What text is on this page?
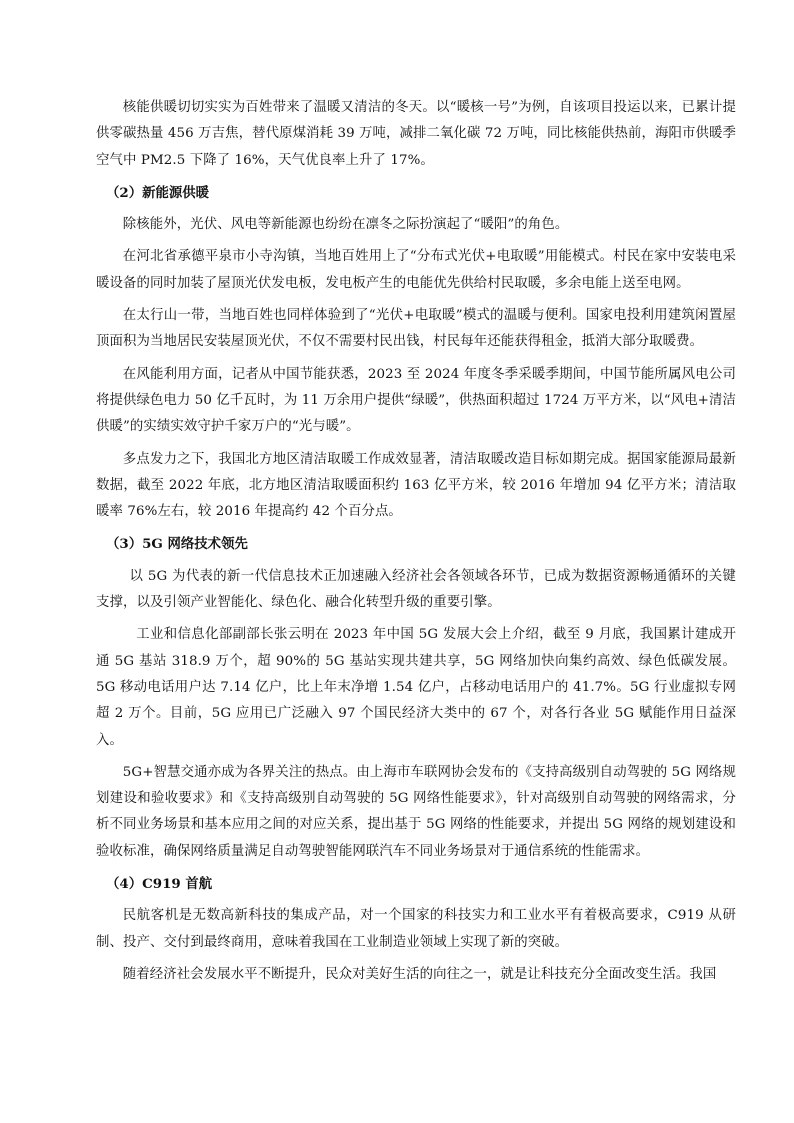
核能供暖切切实实为百姓带来了温暖又清洁的冬天。以“暖核一号”为例，自该项目投运以来，已累计提供零碳热量 456 万吉焦，替代原煤消耗 39 万吨，减排二氧化碳 72 万吨，同比核能供热前，海阳市供暖季空气中 PM2.5 下降了 16%，天气优良率上升了 17%。

（2）新能源供暖

除核能外，光伏、风电等新能源也纷纷在凛冬之际扮演起了“暖阳”的角色。

在河北省承德平泉市小寺沟镇，当地百姓用上了“分布式光伏+电取暖”用能模式。村民在家中安装电采暖设备的同时加装了屋顶光伏发电板，发电板产生的电能优先供给村民取暖，多余电能上送至电网。

在太行山一带，当地百姓也同样体验到了“光伏+电取暖”模式的温暖与便利。国家电投利用建筑闲置屋顶面积为当地居民安装屋顶光伏，不仅不需要村民出钱，村民每年还能获得租金，抵消大部分取暖费。

在风能利用方面，记者从中国节能获悉，2023 至 2024 年度冬季采暖季期间，中国节能所属风电公司将提供绿色电力 50 亿千瓦时，为 11 万余用户提供“绿暖”，供热面积超过 1724 万平方米，以“风电+清洁供暖”的实绩实效守护千家万户的“光与暖”。

多点发力之下，我国北方地区清洁取暖工作成效显著，清洁取暖改造目标如期完成。据国家能源局最新数据，截至 2022 年底，北方地区清洁取暖面积约 163 亿平方米，较 2016 年增加 94 亿平方米；清洁取暖率 76%左右，较 2016 年提高约 42 个百分点。

（3）5G 网络技术领先

以 5G 为代表的新一代信息技术正加速融入经济社会各领域各环节，已成为数据资源畅通循环的关键支撑，以及引领产业智能化、绿色化、融合化转型升级的重要引擎。

工业和信息化部副部长张云明在 2023 年中国 5G 发展大会上介绍，截至 9 月底，我国累计建成开通 5G 基站 318.9 万个，超 90%的 5G 基站实现共建共享，5G 网络加快向集约高效、绿色低碳发展。5G 移动电话用户达 7.14 亿户，比上年末净增 1.54 亿户，占移动电话用户的 41.7%。5G 行业虚拟专网超 2 万个。目前，5G 应用已广泛融入 97 个国民经济大类中的 67 个，对各行各业 5G 赋能作用日益深入。

5G+智慧交通亦成为各界关注的热点。由上海市车联网协会发布的《支持高级别自动驾驶的 5G 网络规划建设和验收要求》和《支持高级别自动驾驶的 5G 网络性能要求》，针对高级别自动驾驶的网络需求，分析不同业务场景和基本应用之间的对应关系，提出基于 5G 网络的性能要求，并提出 5G 网络的规划建设和验收标准，确保网络质量满足自动驾驶智能网联汽车不同业务场景对于通信系统的性能需求。

（4）C919 首航

民航客机是无数高新科技的集成产品，对一个国家的科技实力和工业水平有着极高要求，C919 从研制、投产、交付到最终商用，意味着我国在工业制造业领域上实现了新的突破。

随着经济社会发展水平不断提升，民众对美好生活的向往之一，就是让科技充分全面改变生活。我国
